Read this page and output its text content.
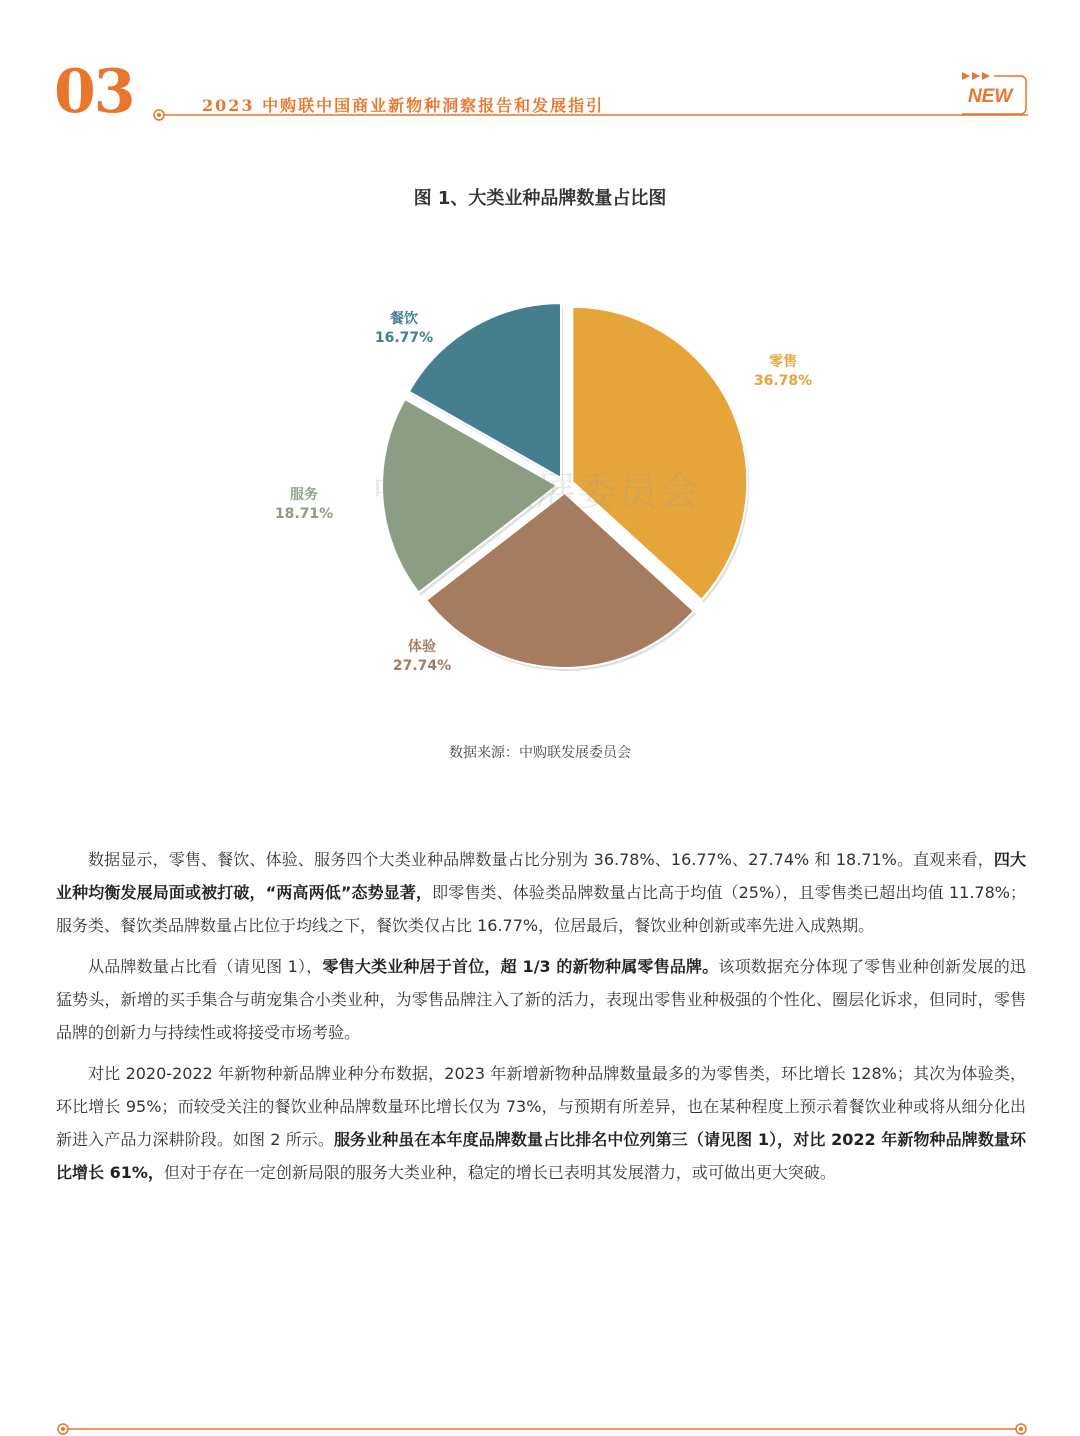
03	2023 中购联中国商业新物种洞察报告和发展指引	NEW
图 1、大类业种品牌数量占比图
中购联发展委员会
零售
36.78%
体验
27.74%
服务
18.71%
餐饮
16.77%
数据来源：中购联发展委员会

数据显示，零售、餐饮、体验、服务四个大类业种品牌数量占比分别为 36.78%、16.77%、27.74% 和 18.71%。直观来看，四大业种均衡发展局面或被打破，“两高两低”态势显著，即零售类、体验类品牌数量占比高于均值（25%），且零售类已超出均值 11.78%；服务类、餐饮类品牌数量占比位于均线之下，餐饮类仅占比 16.77%，位居最后，餐饮业种创新或率先进入成熟期。

从品牌数量占比看（请见图 1），零售大类业种居于首位，超 1/3 的新物种属零售品牌。该项数据充分体现了零售业种创新发展的迅猛势头，新增的买手集合与萌宠集合小类业种，为零售品牌注入了新的活力，表现出零售业种极强的个性化、圈层化诉求，但同时，零售品牌的创新力与持续性或将接受市场考验。

对比 2020-2022 年新物种新品牌业种分布数据，2023 年新增新物种品牌数量最多的为零售类，环比增长 128%；其次为体验类，环比增长 95%；而较受关注的餐饮业种品牌数量环比增长仅为 73%，与预期有所差异，也在某种程度上预示着餐饮业种或将从细分化出新进入产品力深耕阶段。如图 2 所示。服务业种虽在本年度品牌数量占比排名中位列第三（请见图 1），对比 2022 年新物种品牌数量环比增长 61%，但对于存在一定创新局限的服务大类业种，稳定的增长已表明其发展潜力，或可做出更大突破。
